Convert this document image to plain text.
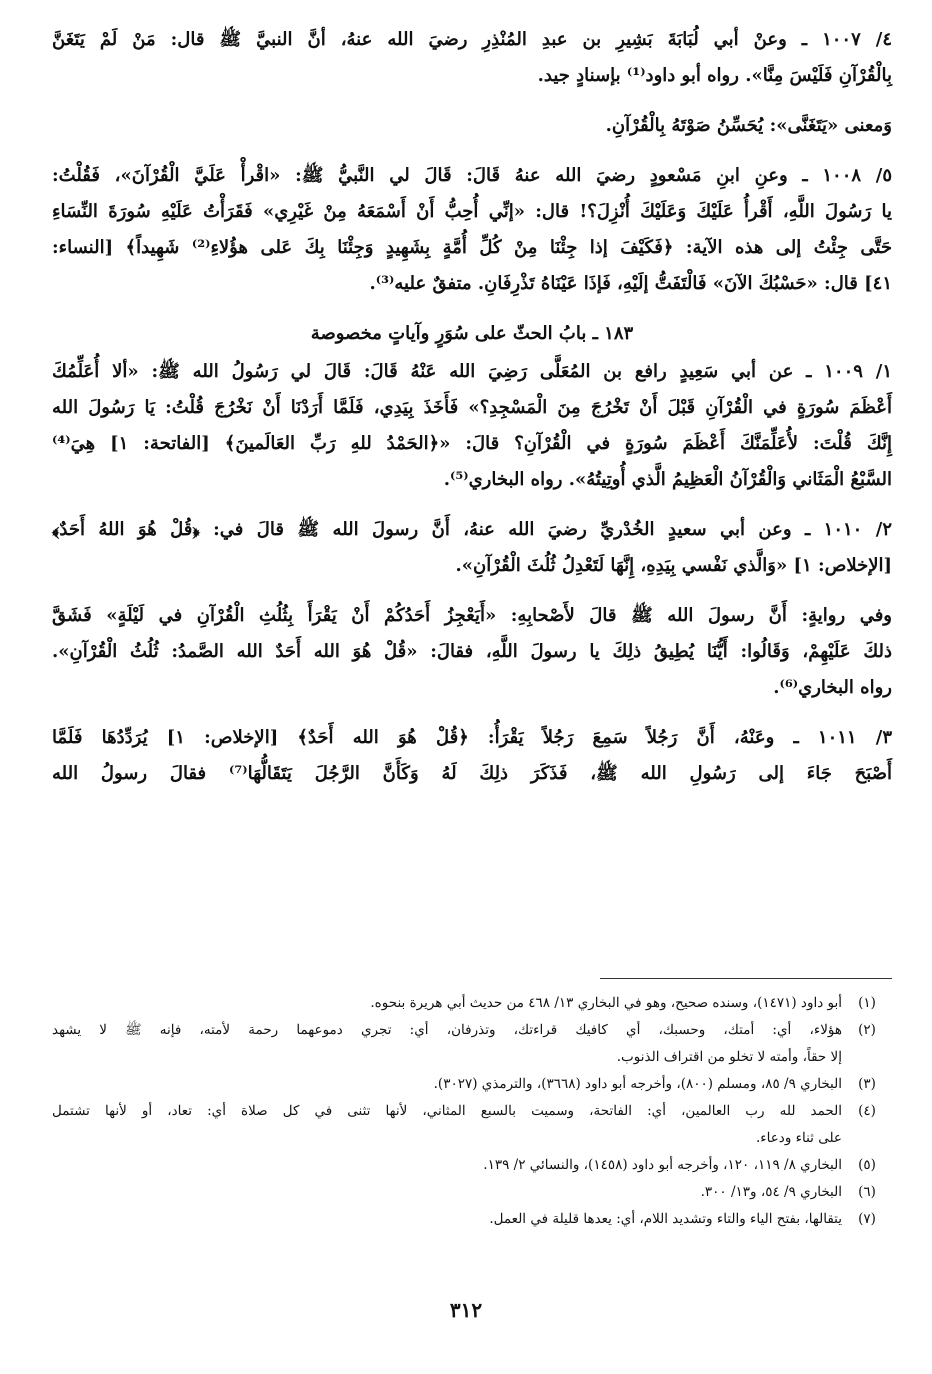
٤/ ١٠٠٧ ـ وعنْ أبي لُبَابَةَ بَشِيرِ بن عبدِ المُنْذِرِ رضيَ الله عنهُ، أنَّ النبيَّ ﷺ قال: مَنْ لَمْ يَتَغَنَّ
بِالْقُرْآنِ فَلَيْسَ مِنَّا». رواه أبو داود⁽¹⁾ بإسنادٍ جيد.
وَمعنى «يَتَغَنَّى»: يُحَسِّنُ صَوْتَهُ بِالْقُرْآنِ.
٥/ ١٠٠٨ ـ وعنِ ابنِ مَسْعودٍ رضيَ الله عنهُ قَالَ: قَالَ لي النَّبيُّ ﷺ: «اقْرأْ عَلَيَّ الْقُرْآنَ»، فَقُلْتُ:
يا رَسُولَ اللَّهِ، أَقْرأُ عَلَيْكَ وَعَلَيْكَ أُنْزِلَ؟! قال: «إنِّي أُحِبُّ أَنْ أَسْمَعَهُ مِنْ غَيْرِي» فَقَرَأْتُ عَلَيْهِ سُورَةَ النِّسَاءِ
حَتَّى جِئْتُ إلى هذه الآية: ﴿فَكَيْفَ إذا جِئْنَا مِنْ كُلِّ أُمَّةٍ بِشَهِيدٍ وَجِئْنَا بِكَ عَلى هؤُلاءِ⁽²⁾ شَهِيداً﴾ [النساء:
٤١] قال: «حَسْبُكَ الآنَ» فَالْتَفَتُّ إلَيْهِ، فَإذَا عَيْنَاهُ تَذْرِفَانِ. متفقٌ عليه⁽³⁾.
١٨٣ ـ بابُ الحثّ على سُوَرٍ وآياتٍ مخصوصة
١/ ١٠٠٩ ـ عن أبي سَعِيدٍ رافع بن المُعَلَّى رَضِيَ الله عَنْهُ قَالَ: قَالَ لي رَسُولُ الله ﷺ: «ألا أُعَلِّمُكَ
أَعْظَمَ سُورَةٍ في الْقُرْآنِ قَبْلَ أَنْ تَخْرُجَ مِنَ الْمَسْجِدِ؟» فَأَخَذَ بِيَدِي، فَلَمَّا أَرَدْنَا أَنْ نَخْرُجَ قُلْتُ: يَا رَسُولَ الله
إِنَّكَ قُلْتَ: لأُعَلِّمَنَّكَ أَعْظَمَ سُورَةٍ في الْقُرْآنِ؟ قالَ: «﴿الحَمْدُ للهِ رَبِّ العَالَمينَ﴾ [الفاتحة: ١] هِيَ⁽⁴⁾
السَّبْعُ الْمَثَاني وَالْقُرْآنُ الْعَظِيمُ الَّذي أُوتِيتُهُ». رواه البخاري⁽⁵⁾.
٢/ ١٠١٠ ـ وعن أبي سعيدٍ الخُدْريِّ رضيَ الله عنهُ، أَنَّ رسولَ الله ﷺ قالَ في: ﴿قُلْ هُوَ اللهُ أَحَدٌ﴾
[الإخلاص: ١] «وَالَّذي نَفْسي بِيَدِهِ، إِنَّهَا لَتَعْدِلُ ثُلُثَ الْقُرْآنِ».
وفي روايةٍ: أَنَّ رسولَ الله ﷺ قالَ لأَصْحابِهِ: «أَيَعْجِزُ أَحَدُكُمْ أَنْ يَقْرَأَ بِثُلُثِ الْقُرْآنِ في لَيْلَةٍ» فَشَقَّ
ذلكَ عَلَيْهِمْ، وَقَالُوا: أَيُّنَا يُطِيقُ ذلِكَ يا رسولَ اللَّهِ، فقالَ: «قُلْ هُوَ الله أَحَدٌ الله الصَّمدُ: ثُلُثُ الْقُرْآنِ».
رواه البخاري⁽⁶⁾.
٣/ ١٠١١ ـ وعَنْهُ، أَنَّ رَجُلاً سَمِعَ رَجُلاً يَقْرَأُ: ﴿قُلْ هُوَ الله أَحَدٌ﴾ [الإخلاص: ١] يُرَدِّدُهَا فَلَمَّا
أَصْبَحَ جَاءَ إلى رَسُولِ الله ﷺ، فَذَكَرَ ذلِكَ لَهُ وَكَأَنَّ الرَّجُلَ يَتَقَالُّهَا⁽⁷⁾ فقالَ رسولُ الله
(١)
أبو داود (١٤٧١)، وسنده صحيح، وهو في البخاري ١٣/ ٤٦٨ من حديث أبي هريرة بنحوه.
(٢)
هؤلاء، أي: أمتك، وحسبك، أي كافيك قراءتك، وتذرفان، أي: تجري دموعهما رحمة لأمته، فإنه ﷺ لا يشهد
إلا حقاً، وأمته لا تخلو من اقتراف الذنوب.
(٣)
البخاري ٩/ ٨٥، ومسلم (٨٠٠)، وأخرجه أبو داود (٣٦٦٨)، والترمذي (٣٠٢٧).
(٤)
الحمد لله رب العالمين، أي: الفاتحة، وسميت بالسبع المثاني، لأنها تثنى في كل صلاة أي: تعاد، أو لأنها تشتمل
على ثناء ودعاء.
(٥)
البخاري ٨/ ١١٩، ١٢٠، وأخرجه أبو داود (١٤٥٨)، والنسائي ٢/ ١٣٩.
(٦)
البخاري ٩/ ٥٤، و١٣/ ٣٠٠.
(٧)
يتقالها، بفتح الياء والتاء وتشديد اللام، أي: يعدها قليلة في العمل.
٣١٢
